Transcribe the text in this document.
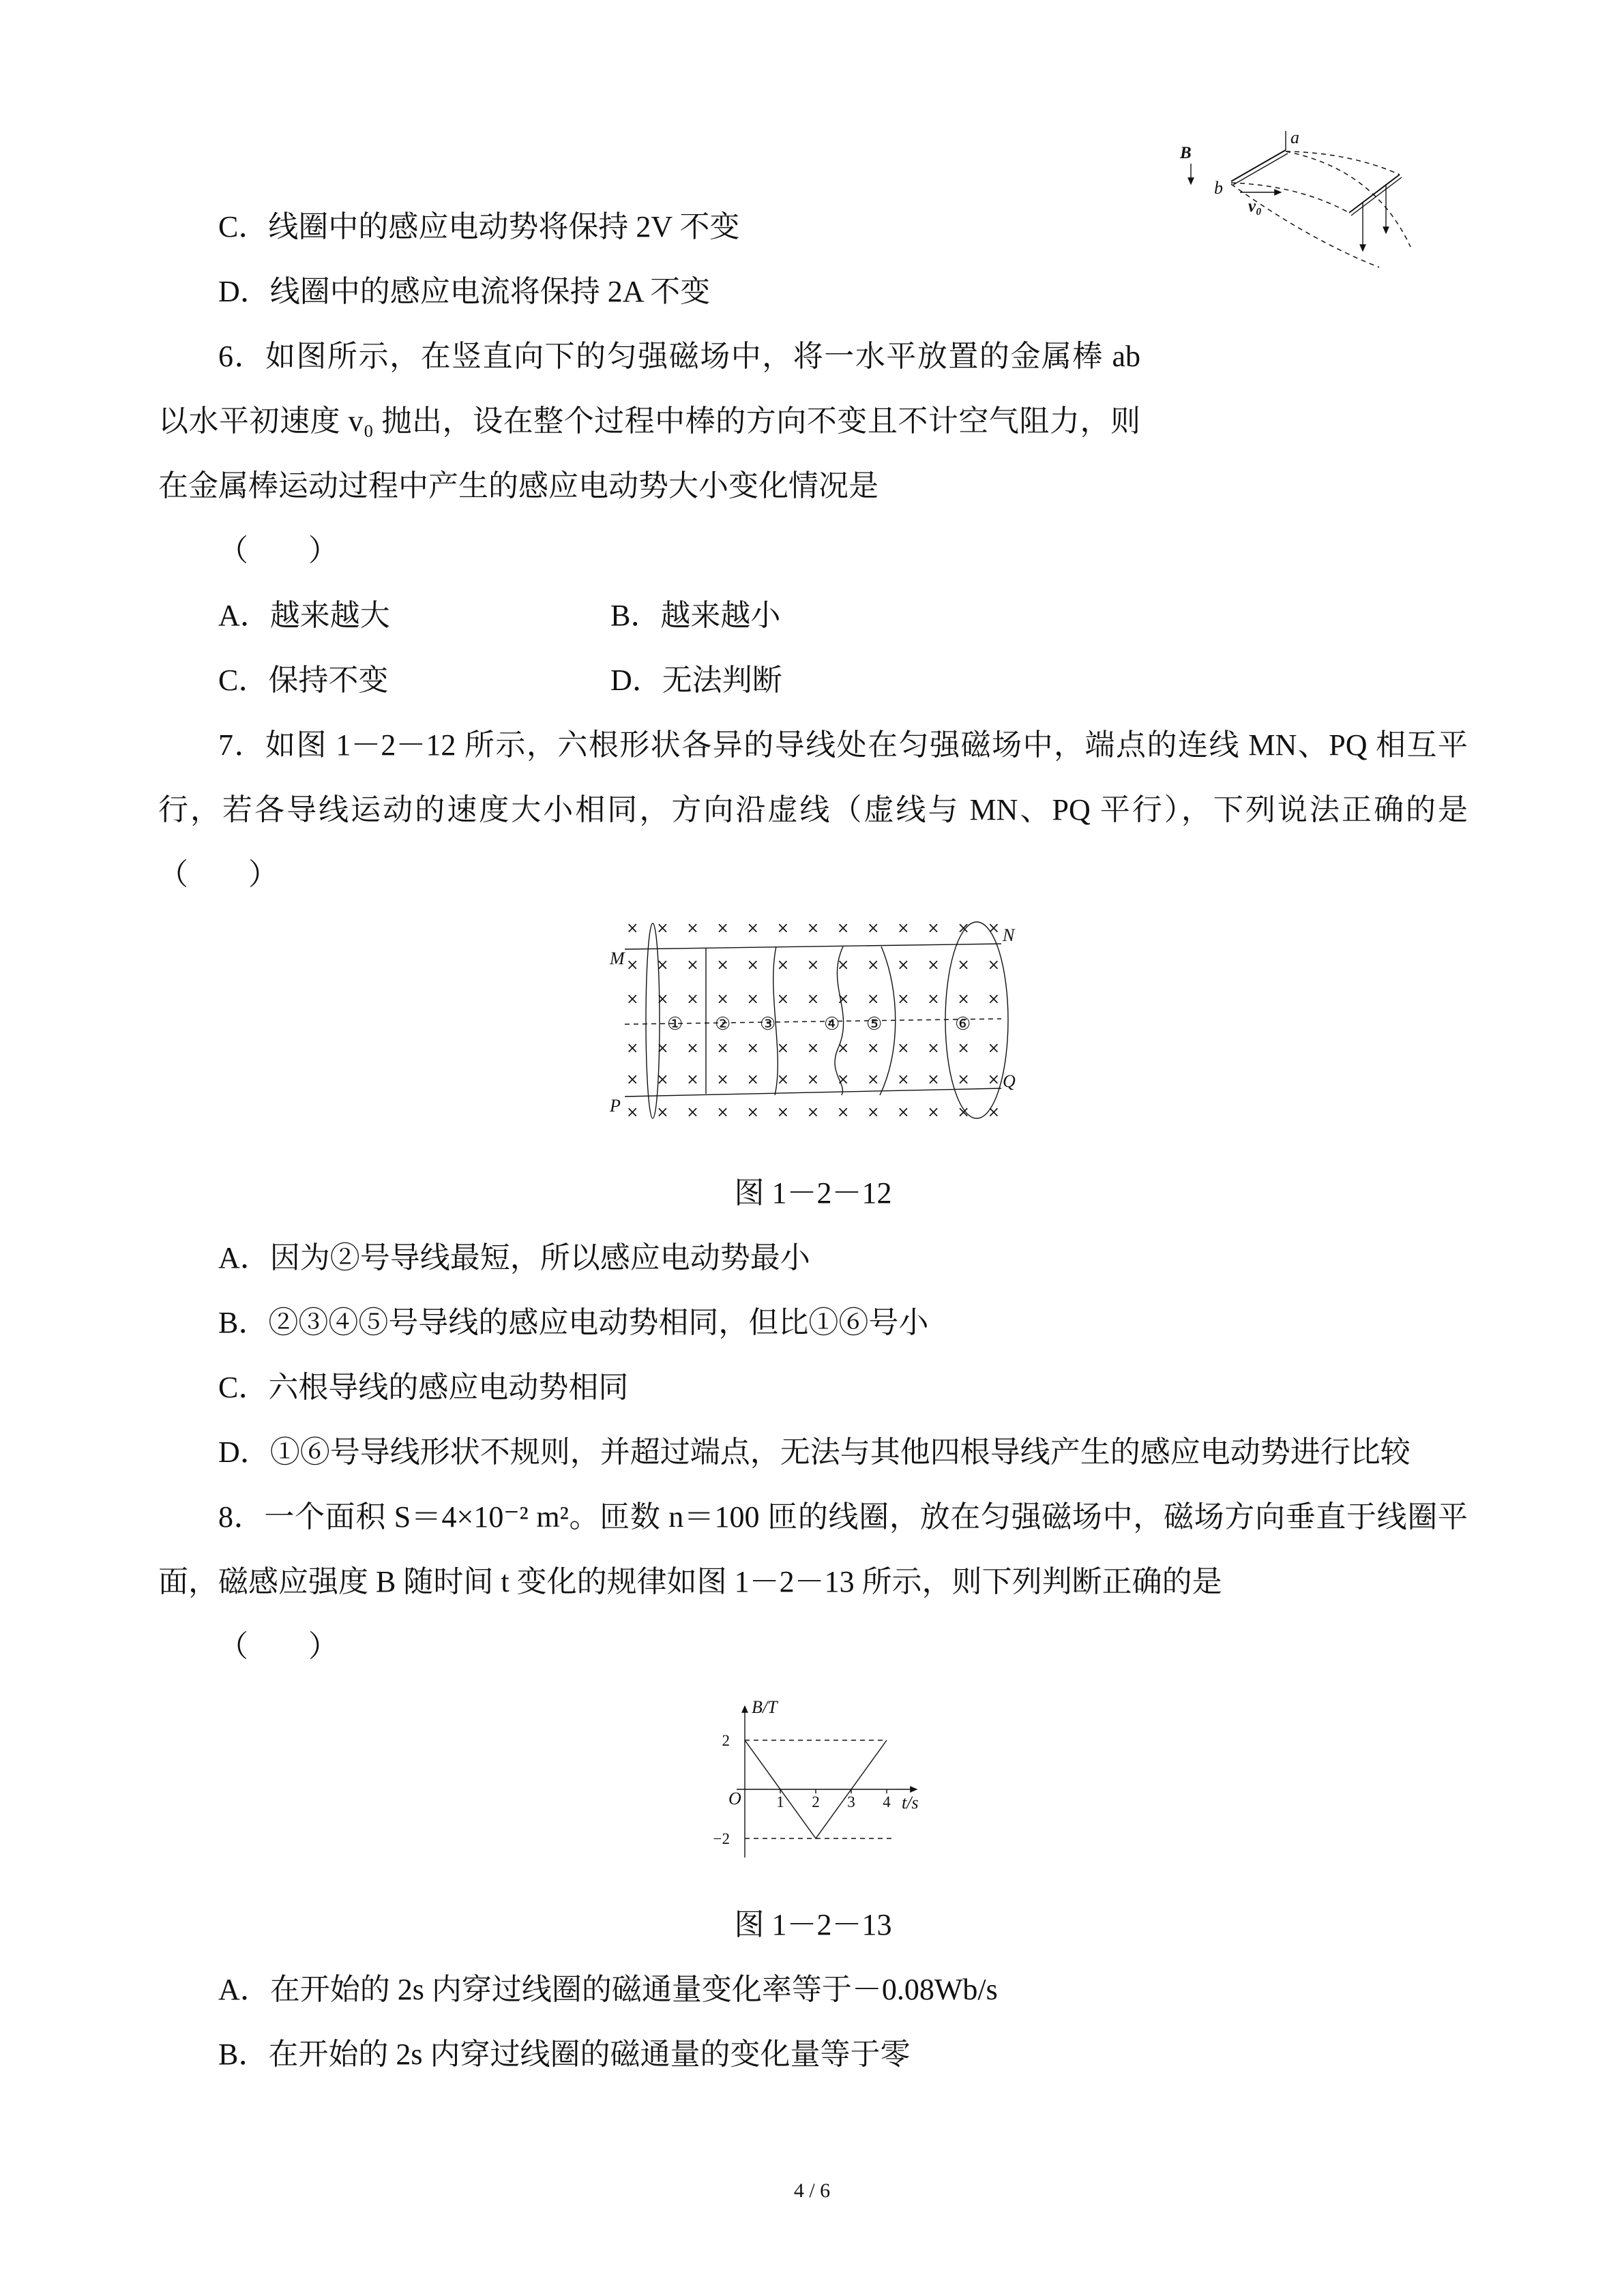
a
b
B
v₀

C．线圈中的感应电动势将保持 2V 不变

D．线圈中的感应电流将保持 2A 不变

6．如图所示，在竖直向下的匀强磁场中，将一水平放置的金属棒 ab 以水平初速度 v₀ 抛出，设在整个过程中棒的方向不变且不计空气阻力，则在金属棒运动过程中产生的感应电动势大小变化情况是

（　　）

A．越来越大	B．越来越小

C．保持不变	D．无法判断

7．如图 1－2－12 所示，六根形状各异的导线处在匀强磁场中，端点的连线 MN、PQ 相互平行，若各导线运动的速度大小相同，方向沿虚线（虚线与 MN、PQ 平行），下列说法正确的是（　　）

× × × × × × × × × × × × ×
× × × × × × × × × × × × ×
× × × × × × × × × × × × ×
× × × × × × × × × × × × ×
× × × × × × × × × × × × ×
× × × × × × × × × × × × ×
M
N
P
Q
① ② ③	④ ⑤	⑥

图 1－2－12

A．因为②号导线最短，所以感应电动势最小

B．②③④⑤号导线的感应电动势相同，但比①⑥号小

C．六根导线的感应电动势相同

D．①⑥号导线形状不规则，并超过端点，无法与其他四根导线产生的感应电动势进行比较

8．一个面积 S＝4×10⁻² m²。匝数 n＝100 匝的线圈，放在匀强磁场中，磁场方向垂直于线圈平面，磁感应强度 B 随时间 t 变化的规律如图 1－2－13 所示，则下列判断正确的是

（　　）

B/T
t/s
O
2
−2
1 2 3 4

图 1－2－13

A．在开始的 2s 内穿过线圈的磁通量变化率等于－0.08Wb/s

B．在开始的 2s 内穿过线圈的磁通量的变化量等于零

4 / 6
